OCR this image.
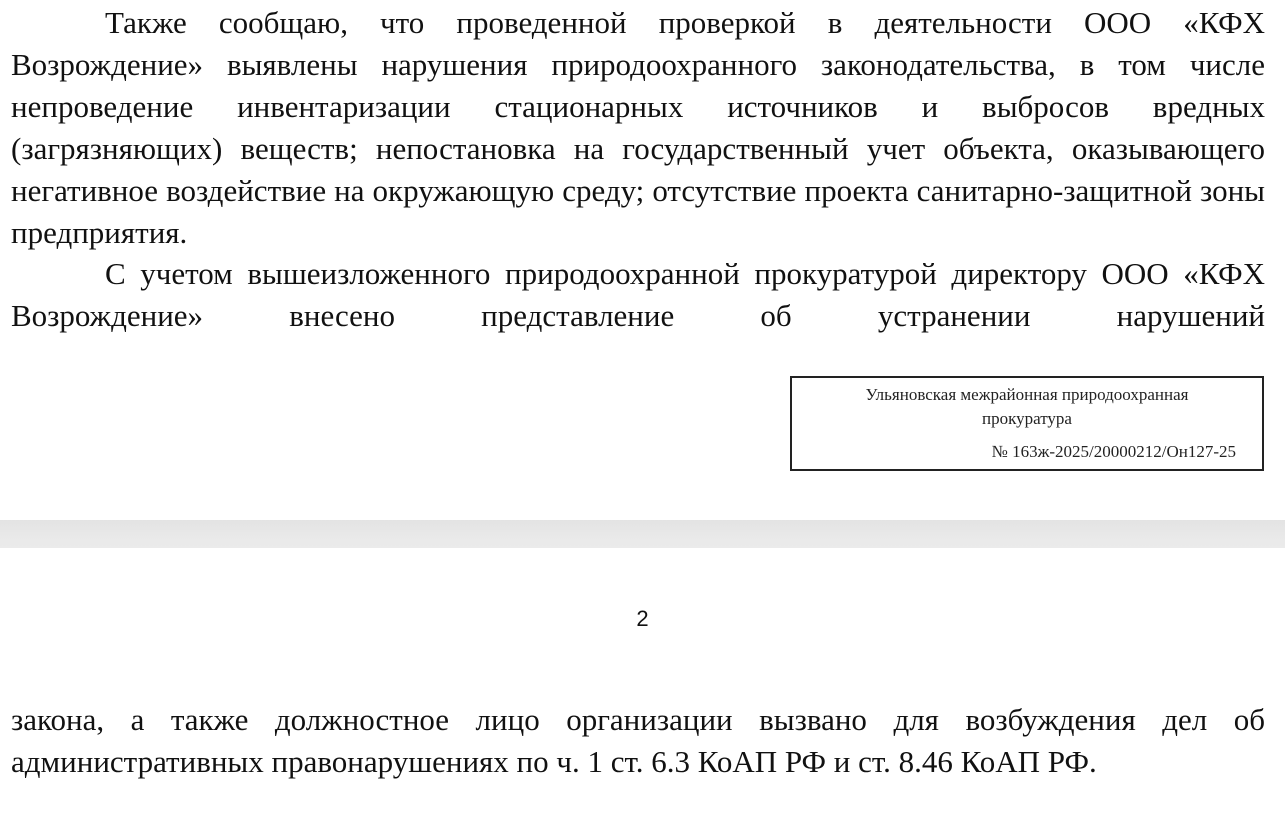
Также сообщаю, что проведенной проверкой в деятельности ООО «КФХ Возрождение» выявлены нарушения природоохранного законодательства, в том числе непроведение инвентаризации стационарных источников и выбросов вредных (загрязняющих) веществ; непостановка на государственный учет объекта, оказывающего негативное воздействие на окружающую среду; отсутствие проекта санитарно-защитной зоны предприятия.

С учетом вышеизложенного природоохранной прокуратурой директору ООО «КФХ Возрождение» внесено представление об устранении нарушений

Ульяновская межрайонная природоохранная
прокуратура
№ 163ж-2025/20000212/Он127-25
2

закона, а также должностное лицо организации вызвано для возбуждения дел об административных правонарушениях по ч. 1 ст. 6.3 КоАП РФ и ст. 8.46 КоАП РФ.
